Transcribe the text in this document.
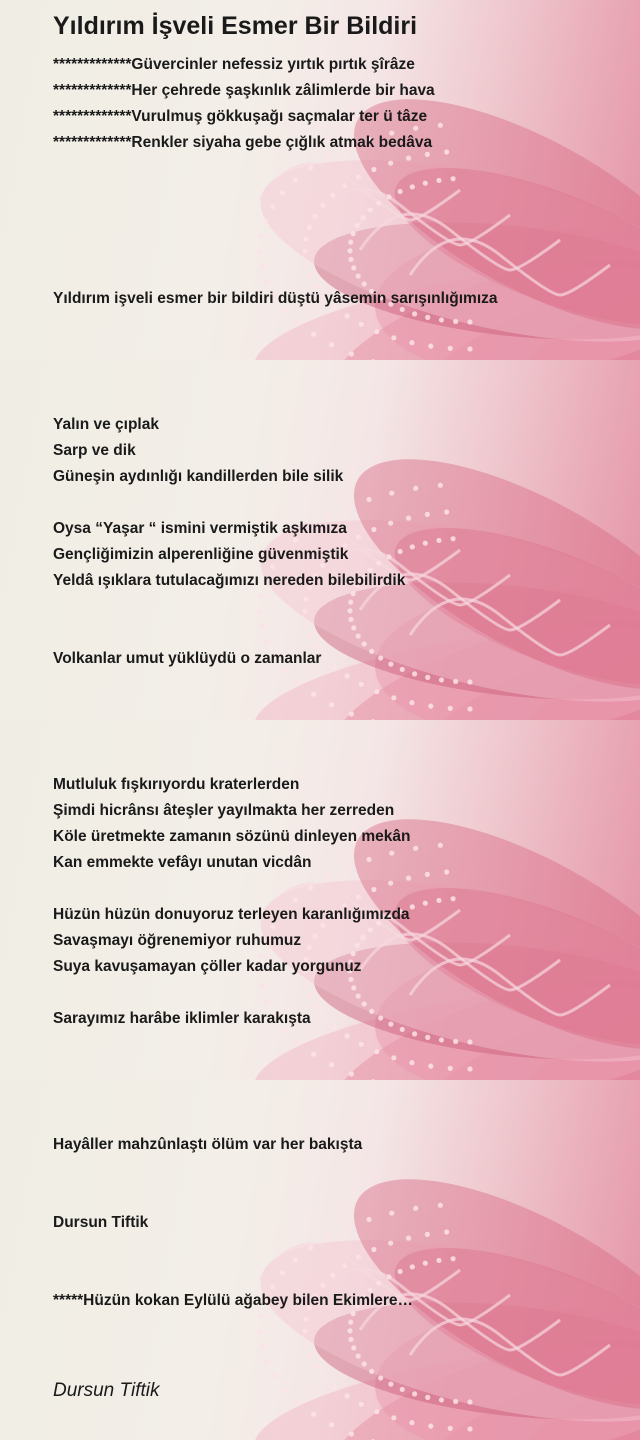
Yıldırım İşveli Esmer Bir Bildiri
*************Güvercinler nefessiz yırtık pırtık şîrâze
*************Her çehrede şaşkınlık zâlimlerde bir hava
*************Vurulmuş gökkuşağı saçmalar ter ü tâze
*************Renkler siyaha gebe çığlık atmak bedâva
Yıldırım işveli esmer bir bildiri düştü yâsemin sarışınlığımıza
Yalın ve çıplak
Sarp ve dik
Güneşin aydınlığı kandillerden bile silik
Oysa “Yaşar “ ismini vermiştik aşkımıza
Gençliğimizin alperenliğine güvenmiştik
Yeldâ ışıklara tutulacağımızı nereden bilebilirdik
Volkanlar umut yüklüydü o zamanlar
Mutluluk fışkırıyordu kraterlerden
Şimdi hicrânsı âteşler yayılmakta her zerreden
Köle üretmekte zamanın sözünü dinleyen mekân
Kan emmekte vefâyı unutan vicdân
Hüzün hüzün donuyoruz terleyen karanlığımızda
Savaşmayı öğrenemiyor ruhumuz
Suya kavuşamayan çöller kadar yorgunuz
Sarayımız harâbe iklimler karakışta
Hayâller mahzûnlaştı ölüm var her bakışta
Dursun Tiftik
*****Hüzün kokan Eylülü ağabey bilen Ekimlere…
Dursun Tiftik
